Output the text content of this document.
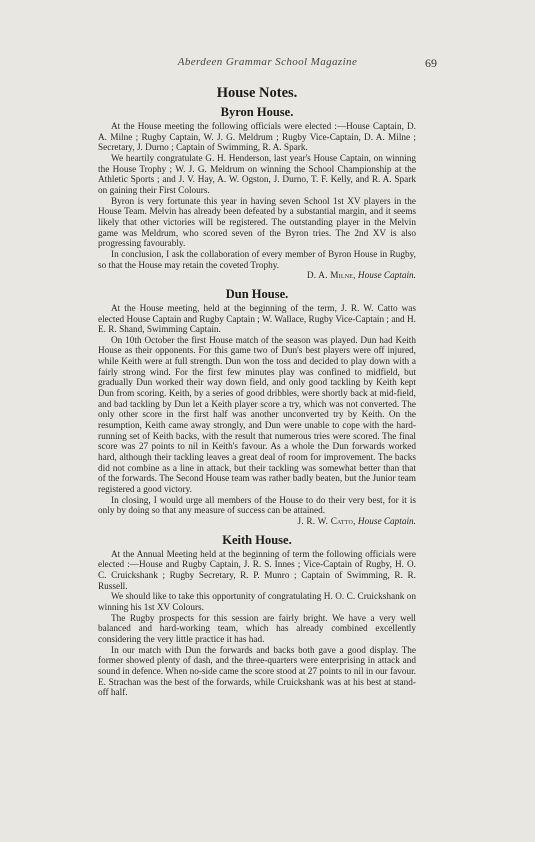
Aberdeen Grammar School Magazine	69
House Notes.
Byron House.

At the House meeting the following officials were elected :—House Captain, D. A. Milne ; Rugby Captain, W. J. G. Meldrum ; Rugby Vice-Captain, D. A. Milne ; Secretary, J. Durno ; Captain of Swimming, R. A. Spark.

We heartily congratulate G. H. Henderson, last year's House Captain, on winning the House Trophy ; W. J. G. Meldrum on winning the School Championship at the Athletic Sports ; and J. V. Hay, A. W. Ogston, J. Durno, T. F. Kelly, and R. A. Spark on gaining their First Colours.

Byron is very fortunate this year in having seven School 1st XV players in the House Team. Melvin has already been defeated by a substantial margin, and it seems likely that other victories will be registered. The outstanding player in the Melvin game was Meldrum, who scored seven of the Byron tries. The 2nd XV is also progressing favourably.

In conclusion, I ask the collaboration of every member of Byron House in Rugby, so that the House may retain the coveted Trophy.

D. A. Milne, House Captain.
Dun House.

At the House meeting, held at the beginning of the term, J. R. W. Catto was elected House Captain and Rugby Captain ; W. Wallace, Rugby Vice-Captain ; and H. E. R. Shand, Swimming Captain.

On 10th October the first House match of the season was played. Dun had Keith House as their opponents. For this game two of Dun's best players were off injured, while Keith were at full strength. Dun won the toss and decided to play down with a fairly strong wind. For the first few minutes play was confined to midfield, but gradually Dun worked their way down field, and only good tackling by Keith kept Dun from scoring. Keith, by a series of good dribbles, were shortly back at mid-field, and bad tackling by Dun let a Keith player score a try, which was not converted. The only other score in the first half was another unconverted try by Keith. On the resumption, Keith came away strongly, and Dun were unable to cope with the hard-running set of Keith backs, with the result that numerous tries were scored. The final score was 27 points to nil in Keith's favour. As a whole the Dun forwards worked hard, although their tackling leaves a great deal of room for improvement. The backs did not combine as a line in attack, but their tackling was somewhat better than that of the forwards. The Second House team was rather badly beaten, but the Junior team registered a good victory.

In closing, I would urge all members of the House to do their very best, for it is only by doing so that any measure of success can be attained.

J. R. W. Catto, House Captain.
Keith House.

At the Annual Meeting held at the beginning of term the following officials were elected :—House and Rugby Captain, J. R. S. Innes ; Vice-Captain of Rugby, H. O. C. Cruickshank ; Rugby Secretary, R. P. Munro ; Captain of Swimming, R. R. Russell.

We should like to take this opportunity of congratulating H. O. C. Cruickshank on winning his 1st XV Colours.

The Rugby prospects for this session are fairly bright. We have a very well balanced and hard-working team, which has already combined excellently considering the very little practice it has had.

In our match with Dun the forwards and backs both gave a good display. The former showed plenty of dash, and the three-quarters were enterprising in attack and sound in defence. When no-side came the score stood at 27 points to nil in our favour. E. Strachan was the best of the forwards, while Cruickshank was at his best at stand-off half.
